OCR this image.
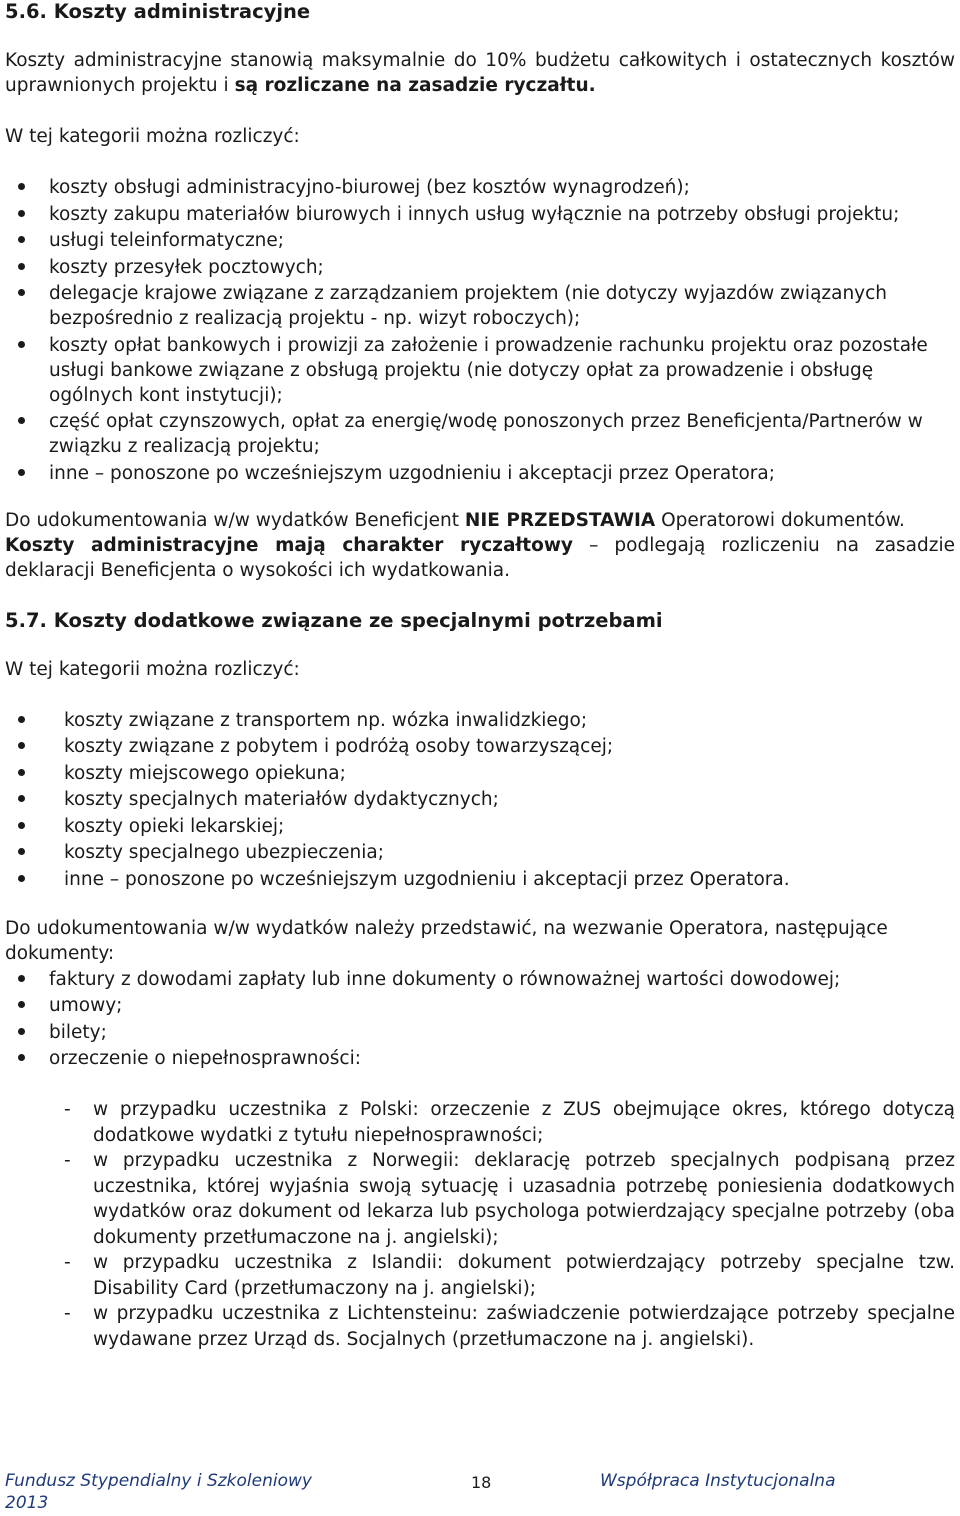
5.6. Koszty administracyjne

Koszty administracyjne stanowią maksymalnie do 10% budżetu całkowitych i ostatecznych kosztów uprawnionych projektu i są rozliczane na zasadzie ryczałtu.

W tej kategorii można rozliczyć:

koszty obsługi administracyjno-biurowej (bez kosztów wynagrodzeń);
koszty zakupu materiałów biurowych i innych usług wyłącznie na potrzeby obsługi projektu;
usługi teleinformatyczne;
koszty przesyłek pocztowych;
delegacje krajowe związane z zarządzaniem projektem (nie dotyczy wyjazdów związanych bezpośrednio z realizacją projektu - np. wizyt roboczych);
koszty opłat bankowych i prowizji za założenie i prowadzenie rachunku projektu oraz pozostałe usługi bankowe związane z obsługą projektu (nie dotyczy opłat za prowadzenie i obsługę ogólnych kont instytucji);
część opłat czynszowych, opłat za energię/wodę ponoszonych przez Beneficjenta/Partnerów w związku z realizacją projektu;
inne – ponoszone po wcześniejszym uzgodnieniu i akceptacji przez Operatora;

Do udokumentowania w/w wydatków Beneficjent NIE PRZEDSTAWIA Operatorowi dokumentów.

Koszty administracyjne mają charakter ryczałtowy – podlegają rozliczeniu na zasadzie deklaracji Beneficjenta o wysokości ich wydatkowania.

5.7. Koszty dodatkowe związane ze specjalnymi potrzebami

W tej kategorii można rozliczyć:

koszty związane z transportem np. wózka inwalidzkiego;
koszty związane z pobytem i podróżą osoby towarzyszącej;
koszty miejscowego opiekuna;
koszty specjalnych materiałów dydaktycznych;
koszty opieki lekarskiej;
koszty specjalnego ubezpieczenia;
inne – ponoszone po wcześniejszym uzgodnieniu i akceptacji przez Operatora.

Do udokumentowania w/w wydatków należy przedstawić, na wezwanie Operatora, następujące dokumenty:

faktury z dowodami zapłaty lub inne dokumenty o równoważnej wartości dowodowej;
umowy;
bilety;
orzeczenie o niepełnosprawności:
- w przypadku uczestnika z Polski: orzeczenie z ZUS obejmujące okres, którego dotyczą dodatkowe wydatki z tytułu niepełnosprawności;
- w przypadku uczestnika z Norwegii: deklarację potrzeb specjalnych podpisaną przez uczestnika, której wyjaśnia swoją sytuację i uzasadnia potrzebę poniesienia dodatkowych wydatków oraz dokument od lekarza lub psychologa potwierdzający specjalne potrzeby (oba dokumenty przetłumaczone na j. angielski);
- w przypadku uczestnika z Islandii: dokument potwierdzający potrzeby specjalne tzw. Disability Card (przetłumaczony na j. angielski);
- w przypadku uczestnika z Lichtensteinu: zaświadczenie potwierdzające potrzeby specjalne wydawane przez Urząd ds. Socjalnych (przetłumaczone na j. angielski).
Fundusz Stypendialny i Szkoleniowy
2013
18	Współpraca Instytucjonalna
